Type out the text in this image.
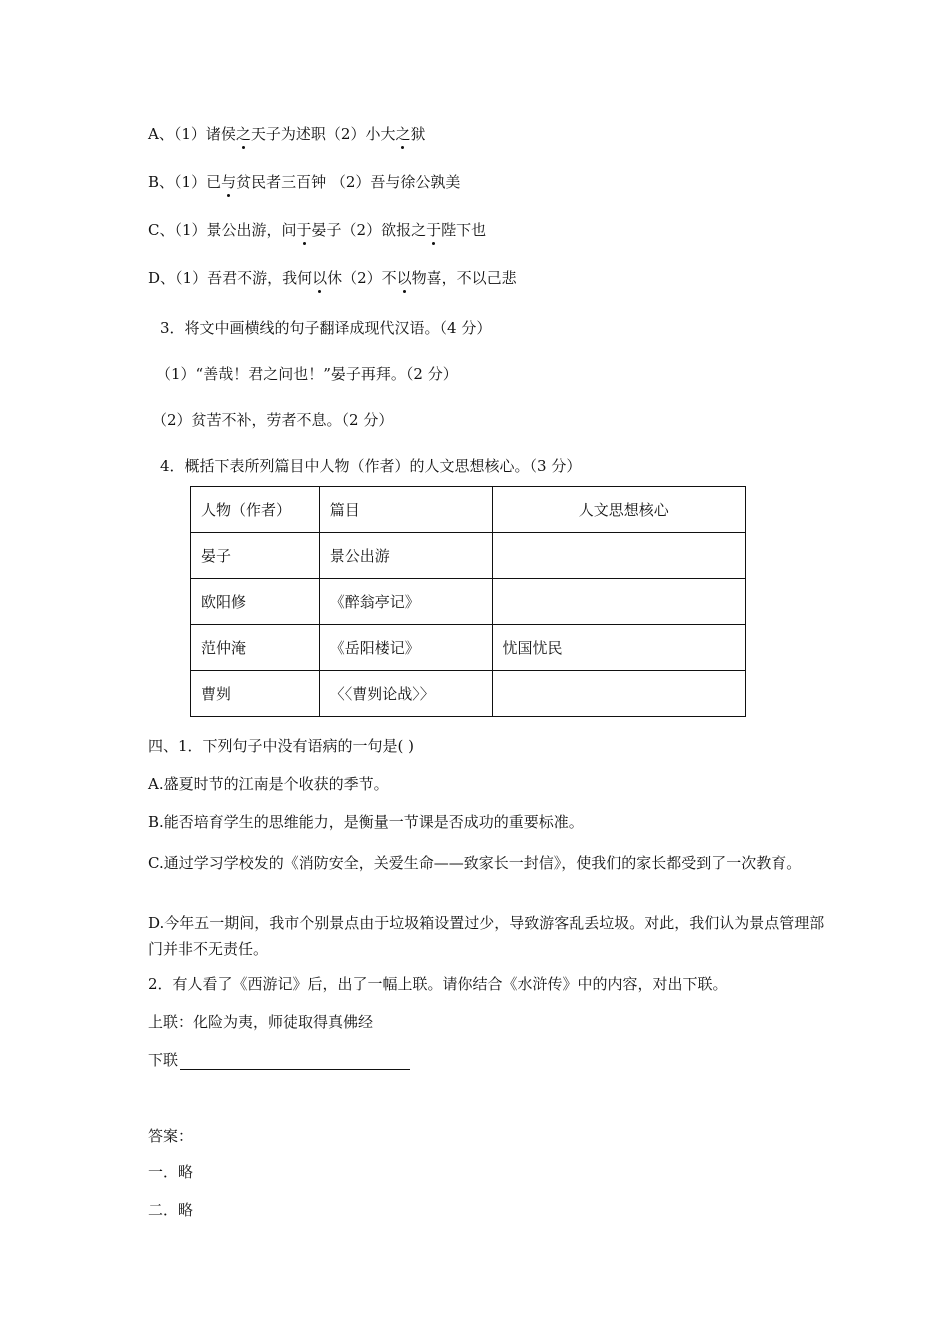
A、（1）诸侯之天子为述职（2）小大之狱
B、（1）已与贫民者三百钟 （2）吾与徐公孰美
C、（1）景公出游，问于晏子（2）欲报之于陛下也
D、（1）吾君不游，我何以休（2）不以物喜，不以己悲
3．将文中画横线的句子翻译成现代汉语。（4 分）
（1）“善哉！君之问也！”晏子再拜。（2 分）
（2）贫苦不补，劳者不息。（2 分）
4．概括下表所列篇目中人物（作者）的人文思想核心。（3 分）
人物（作者）	篇目	人文思想核心
晏子	景公出游	
欧阳修	《醉翁亭记》	
范仲淹	《岳阳楼记》	忧国忧民
曹刿	〈〈曹刿论战〉〉	
四、1．下列句子中没有语病的一句是( )
A.盛夏时节的江南是个收获的季节。
B.能否培育学生的思维能力，是衡量一节课是否成功的重要标准。
C.通过学习学校发的《消防安全，关爱生命——致家长一封信》，使我们的家长都受到了一次教育。
D.今年五一期间，我市个别景点由于垃圾箱设置过少，导致游客乱丢垃圾。对此，我们认为景点管理部门并非不无责任。
2．有人看了《西游记》后，出了一幅上联。请你结合《水浒传》中的内容，对出下联。
上联：化险为夷，师徒取得真佛经
下联
答案：
一．略
二．略
